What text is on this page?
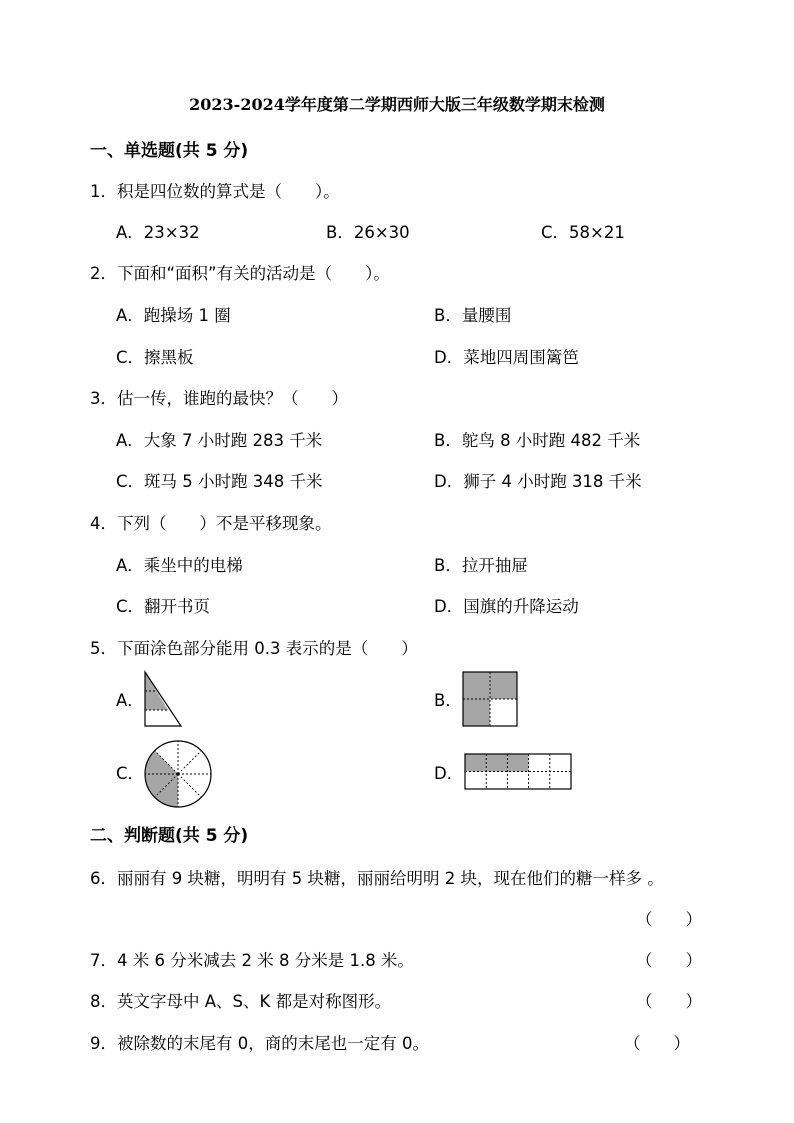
2023-2024学年度第二学期西师大版三年级数学期末检测
一、单选题(共 5 分)
1．积是四位数的算式是（　　）。
A．23×32	B．26×30	C．58×21
2．下面和“面积”有关的活动是（　　）。
A．跑操场 1 圈	B．量腰围
C．擦黑板	D．菜地四周围篱笆
3．估一传，谁跑的最快？（　　）
A．大象 7 小时跑 283 千米	B．鸵鸟 8 小时跑 482 千米
C．斑马 5 小时跑 348 千米	D．狮子 4 小时跑 318 千米
4．下列（　　）不是平移现象。
A．乘坐中的电梯	B．拉开抽屉
C．翻开书页	D．国旗的升降运动
5．下面涂色部分能用 0.3 表示的是（　　）
A．	B．
C．	D．
二、判断题(共 5 分)
6．丽丽有 9 块糖，明明有 5 块糖，丽丽给明明 2 块，现在他们的糖一样多 。
（　　）
7．4 米 6 分米减去 2 米 8 分米是 1.8 米。	（　　）
8．英文字母中 A、S、K 都是对称图形。	（　　）
9．被除数的末尾有 0，商的末尾也一定有 0。	（　　）
